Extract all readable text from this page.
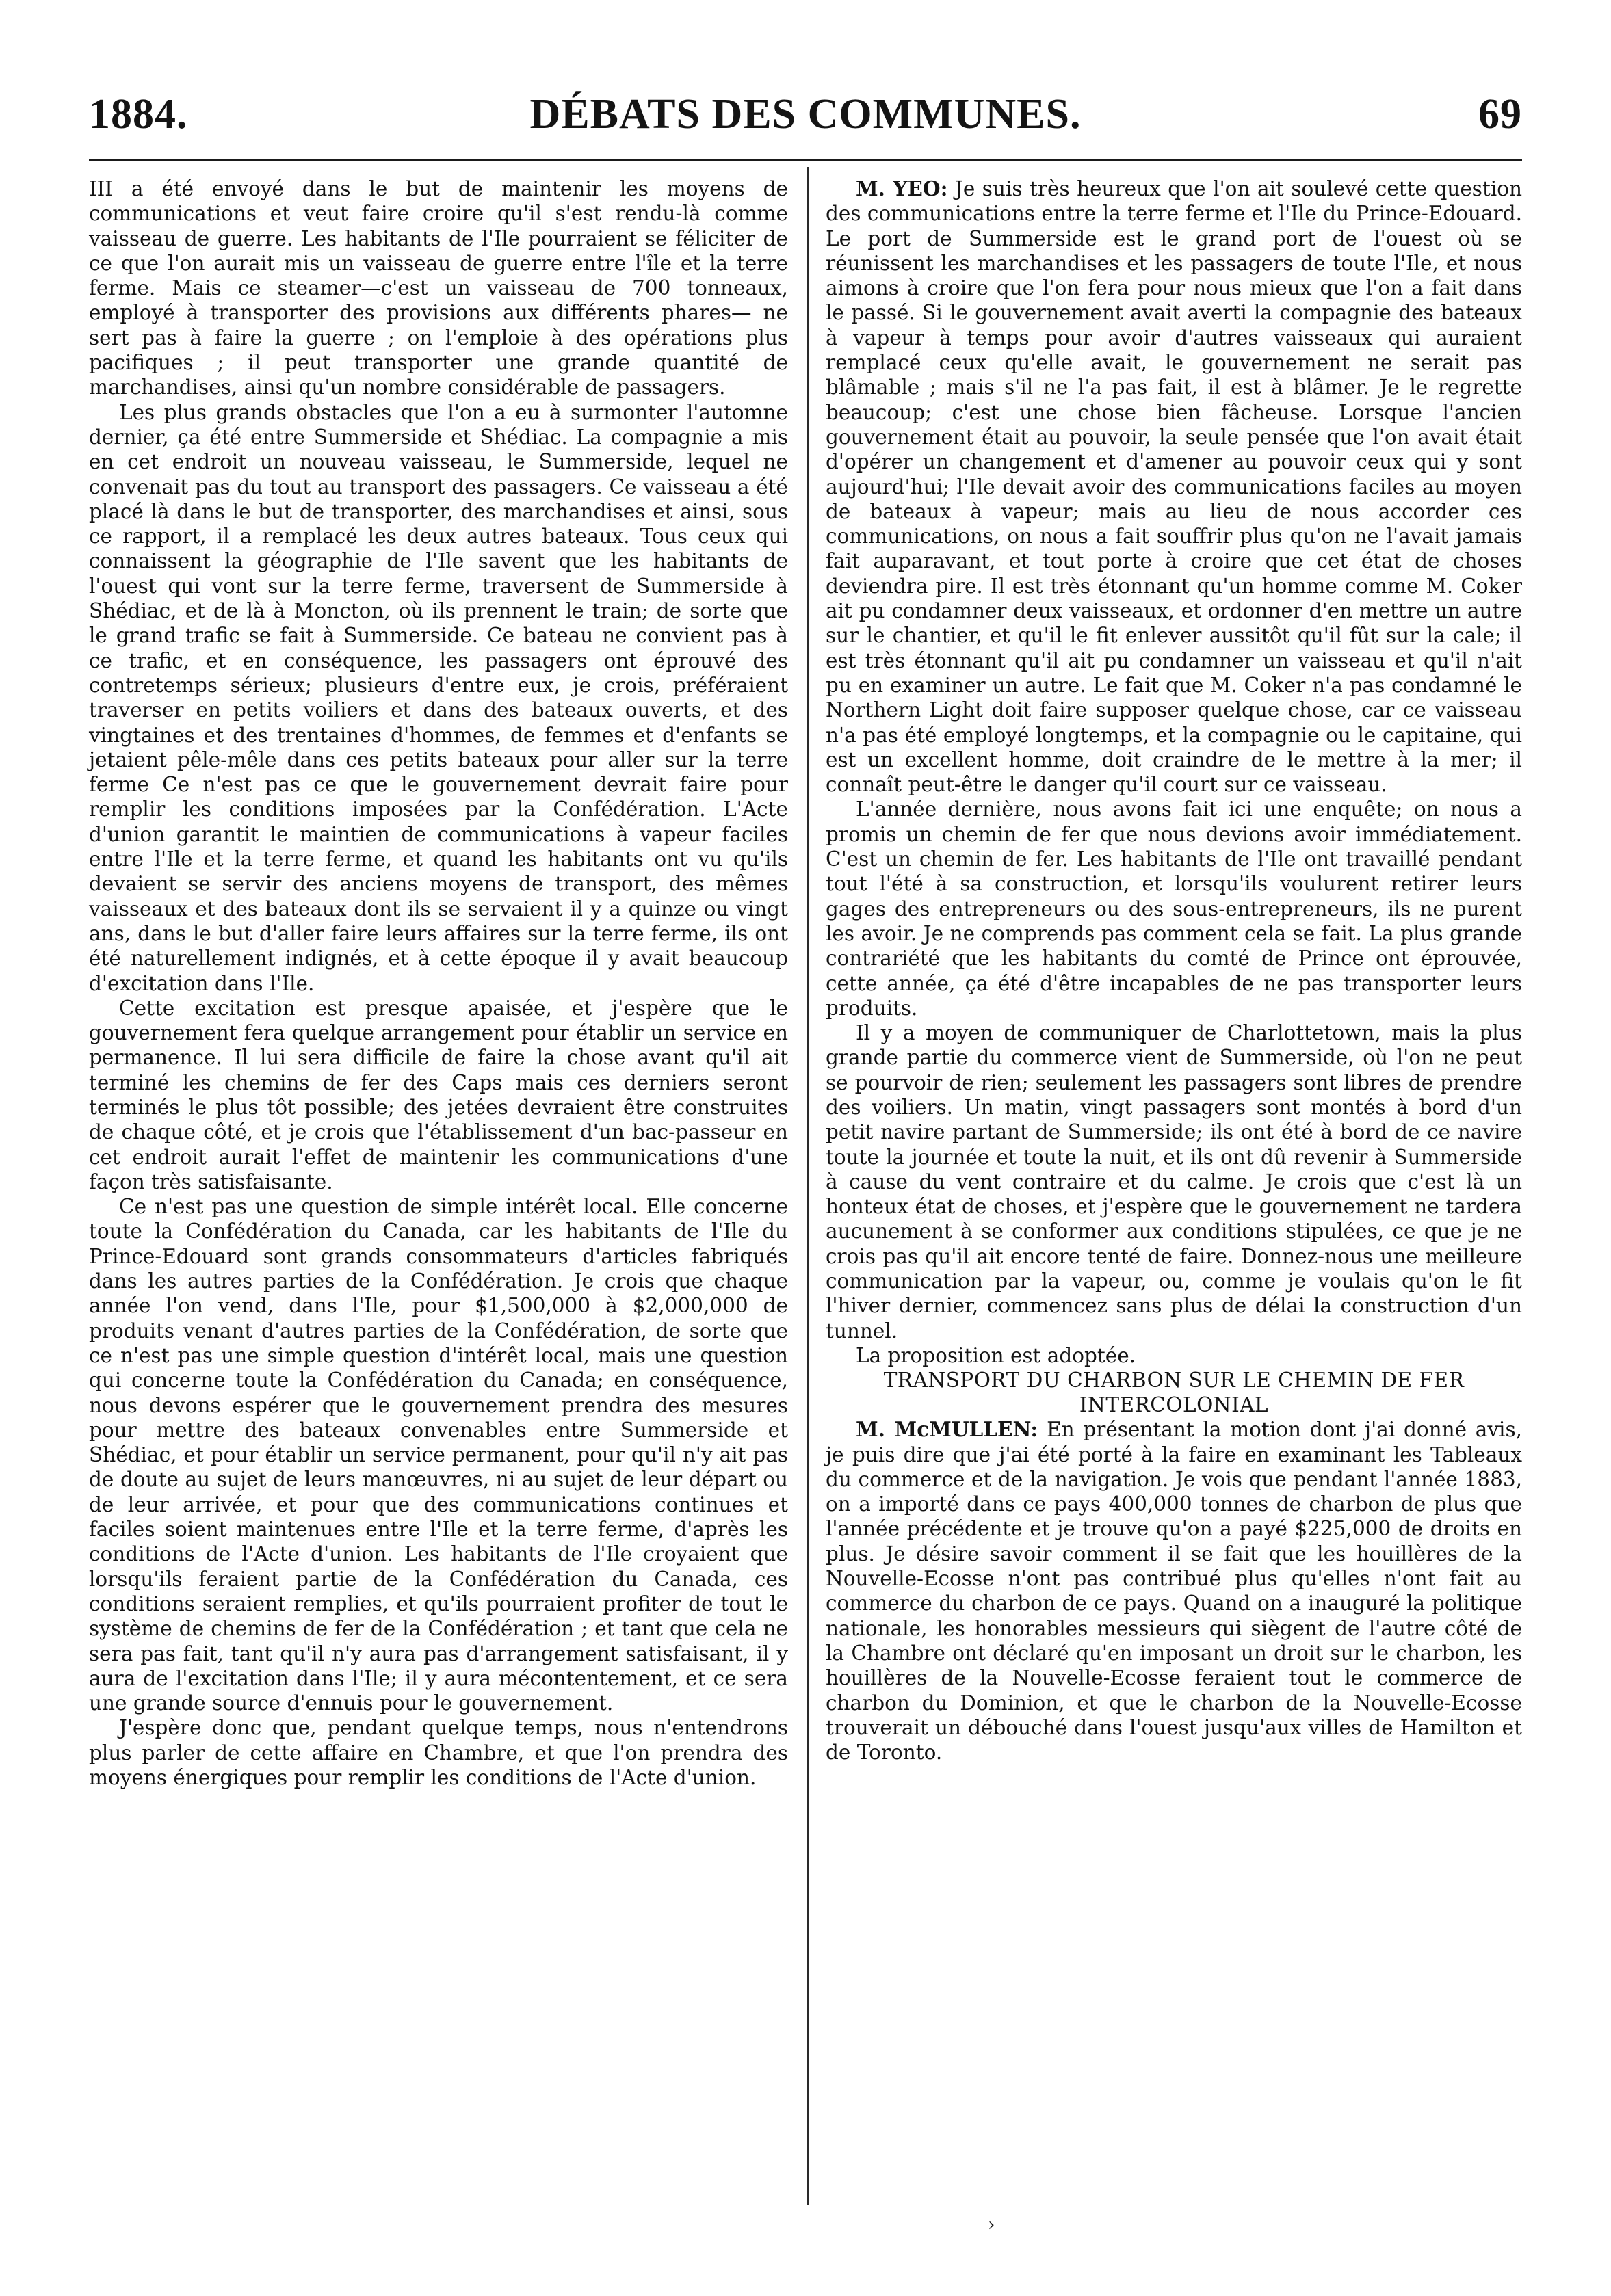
1884.	DÉBATS DES COMMUNES.	69

III a été envoyé dans le but de maintenir les moyens de communications et veut faire croire qu'il s'est rendu-là comme vaisseau de guerre. Les habitants de l'Ile pourraient se féliciter de ce que l'on aurait mis un vaisseau de guerre entre l'île et la terre ferme. Mais ce steamer—c'est un vaisseau de 700 tonneaux, employé à transporter des provisions aux différents phares— ne sert pas à faire la guerre ; on l'emploie à des opérations plus pacifiques ; il peut transporter une grande quantité de marchandises, ainsi qu'un nombre considérable de passagers.

Les plus grands obstacles que l'on a eu à surmonter l'automne dernier, ça été entre Summerside et Shédiac. La compagnie a mis en cet endroit un nouveau vaisseau, le Summerside, lequel ne convenait pas du tout au transport des passagers. Ce vaisseau a été placé là dans le but de transporter, des marchandises et ainsi, sous ce rapport, il a remplacé les deux autres bateaux. Tous ceux qui connaissent la géographie de l'Ile savent que les habitants de l'ouest qui vont sur la terre ferme, traversent de Summerside à Shédiac, et de là à Moncton, où ils prennent le train; de sorte que le grand trafic se fait à Summerside. Ce bateau ne convient pas à ce trafic, et en conséquence, les passagers ont éprouvé des contretemps sérieux; plusieurs d'entre eux, je crois, préféraient traverser en petits voiliers et dans des bateaux ouverts, et des vingtaines et des trentaines d'hommes, de femmes et d'enfants se jetaient pêle-mêle dans ces petits bateaux pour aller sur la terre ferme Ce n'est pas ce que le gouvernement devrait faire pour remplir les conditions imposées par la Confédération. L'Acte d'union garantit le maintien de communications à vapeur faciles entre l'Ile et la terre ferme, et quand les habitants ont vu qu'ils devaient se servir des anciens moyens de transport, des mêmes vaisseaux et des bateaux dont ils se servaient il y a quinze ou vingt ans, dans le but d'aller faire leurs affaires sur la terre ferme, ils ont été naturellement indignés, et à cette époque il y avait beaucoup d'excitation dans l'Ile.

Cette excitation est presque apaisée, et j'espère que le gouvernement fera quelque arrangement pour établir un service en permanence. Il lui sera difficile de faire la chose avant qu'il ait terminé les chemins de fer des Caps mais ces derniers seront terminés le plus tôt possible; des jetées devraient être construites de chaque côté, et je crois que l'établissement d'un bac-passeur en cet endroit aurait l'effet de maintenir les communications d'une façon très satisfaisante.

Ce n'est pas une question de simple intérêt local. Elle concerne toute la Confédération du Canada, car les habitants de l'Ile du Prince-Edouard sont grands consommateurs d'articles fabriqués dans les autres parties de la Confédération. Je crois que chaque année l'on vend, dans l'Ile, pour $1,500,000 à $2,000,000 de produits venant d'autres parties de la Confédération, de sorte que ce n'est pas une simple question d'intérêt local, mais une question qui concerne toute la Confédération du Canada; en conséquence, nous devons espérer que le gouvernement prendra des mesures pour mettre des bateaux convenables entre Summerside et Shédiac, et pour établir un service permanent, pour qu'il n'y ait pas de doute au sujet de leurs manœuvres, ni au sujet de leur départ ou de leur arrivée, et pour que des communications continues et faciles soient maintenues entre l'Ile et la terre ferme, d'après les conditions de l'Acte d'union. Les habitants de l'Ile croyaient que lorsqu'ils feraient partie de la Confédération du Canada, ces conditions seraient remplies, et qu'ils pourraient profiter de tout le système de chemins de fer de la Confédération ; et tant que cela ne sera pas fait, tant qu'il n'y aura pas d'arrangement satisfaisant, il y aura de l'excitation dans l'Ile; il y aura mécontentement, et ce sera une grande source d'ennuis pour le gouvernement.

J'espère donc que, pendant quelque temps, nous n'entendrons plus parler de cette affaire en Chambre, et que l'on prendra des moyens énergiques pour remplir les conditions de l'Acte d'union.

M. YEO: Je suis très heureux que l'on ait soulevé cette question des communications entre la terre ferme et l'Ile du Prince-Edouard. Le port de Summerside est le grand port de l'ouest où se réunissent les marchandises et les passagers de toute l'Ile, et nous aimons à croire que l'on fera pour nous mieux que l'on a fait dans le passé. Si le gouvernement avait averti la compagnie des bateaux à vapeur à temps pour avoir d'autres vaisseaux qui auraient remplacé ceux qu'elle avait, le gouvernement ne serait pas blâmable ; mais s'il ne l'a pas fait, il est à blâmer. Je le regrette beaucoup; c'est une chose bien fâcheuse. Lorsque l'ancien gouvernement était au pouvoir, la seule pensée que l'on avait était d'opérer un changement et d'amener au pouvoir ceux qui y sont aujourd'hui; l'Ile devait avoir des communications faciles au moyen de bateaux à vapeur; mais au lieu de nous accorder ces communications, on nous a fait souffrir plus qu'on ne l'avait jamais fait auparavant, et tout porte à croire que cet état de choses deviendra pire. Il est très étonnant qu'un homme comme M. Coker ait pu condamner deux vaisseaux, et ordonner d'en mettre un autre sur le chantier, et qu'il le fit enlever aussitôt qu'il fût sur la cale; il est très étonnant qu'il ait pu condamner un vaisseau et qu'il n'ait pu en examiner un autre. Le fait que M. Coker n'a pas condamné le Northern Light doit faire supposer quelque chose, car ce vaisseau n'a pas été employé longtemps, et la compagnie ou le capitaine, qui est un excellent homme, doit craindre de le mettre à la mer; il connaît peut-être le danger qu'il court sur ce vaisseau.

L'année dernière, nous avons fait ici une enquête; on nous a promis un chemin de fer que nous devions avoir immédiatement. C'est un chemin de fer. Les habitants de l'Ile ont travaillé pendant tout l'été à sa construction, et lorsqu'ils voulurent retirer leurs gages des entrepreneurs ou des sous-entrepreneurs, ils ne purent les avoir. Je ne comprends pas comment cela se fait. La plus grande contrariété que les habitants du comté de Prince ont éprouvée, cette année, ça été d'être incapables de ne pas transporter leurs produits.

Il y a moyen de communiquer de Charlottetown, mais la plus grande partie du commerce vient de Summerside, où l'on ne peut se pourvoir de rien; seulement les passagers sont libres de prendre des voiliers. Un matin, vingt passagers sont montés à bord d'un petit navire partant de Summerside; ils ont été à bord de ce navire toute la journée et toute la nuit, et ils ont dû revenir à Summerside à cause du vent contraire et du calme. Je crois que c'est là un honteux état de choses, et j'espère que le gouvernement ne tardera aucunement à se conformer aux conditions stipulées, ce que je ne crois pas qu'il ait encore tenté de faire. Donnez-nous une meilleure communication par la vapeur, ou, comme je voulais qu'on le fit l'hiver dernier, commencez sans plus de délai la construction d'un tunnel.

La proposition est adoptée.

TRANSPORT DU CHARBON SUR LE CHEMIN DE FER INTERCOLONIAL

M. McMULLEN: En présentant la motion dont j'ai donné avis, je puis dire que j'ai été porté à la faire en examinant les Tableaux du commerce et de la navigation. Je vois que pendant l'année 1883, on a importé dans ce pays 400,000 tonnes de charbon de plus que l'année précédente et je trouve qu'on a payé $225,000 de droits en plus. Je désire savoir comment il se fait que les houillères de la Nouvelle-Ecosse n'ont pas contribué plus qu'elles n'ont fait au commerce du charbon de ce pays. Quand on a inauguré la politique nationale, les honorables messieurs qui siègent de l'autre côté de la Chambre ont déclaré qu'en imposant un droit sur le charbon, les houillères de la Nouvelle-Ecosse feraient tout le commerce de charbon du Dominion, et que le charbon de la Nouvelle-Ecosse trouverait un débouché dans l'ouest jusqu'aux villes de Hamilton et de Toronto.

›
